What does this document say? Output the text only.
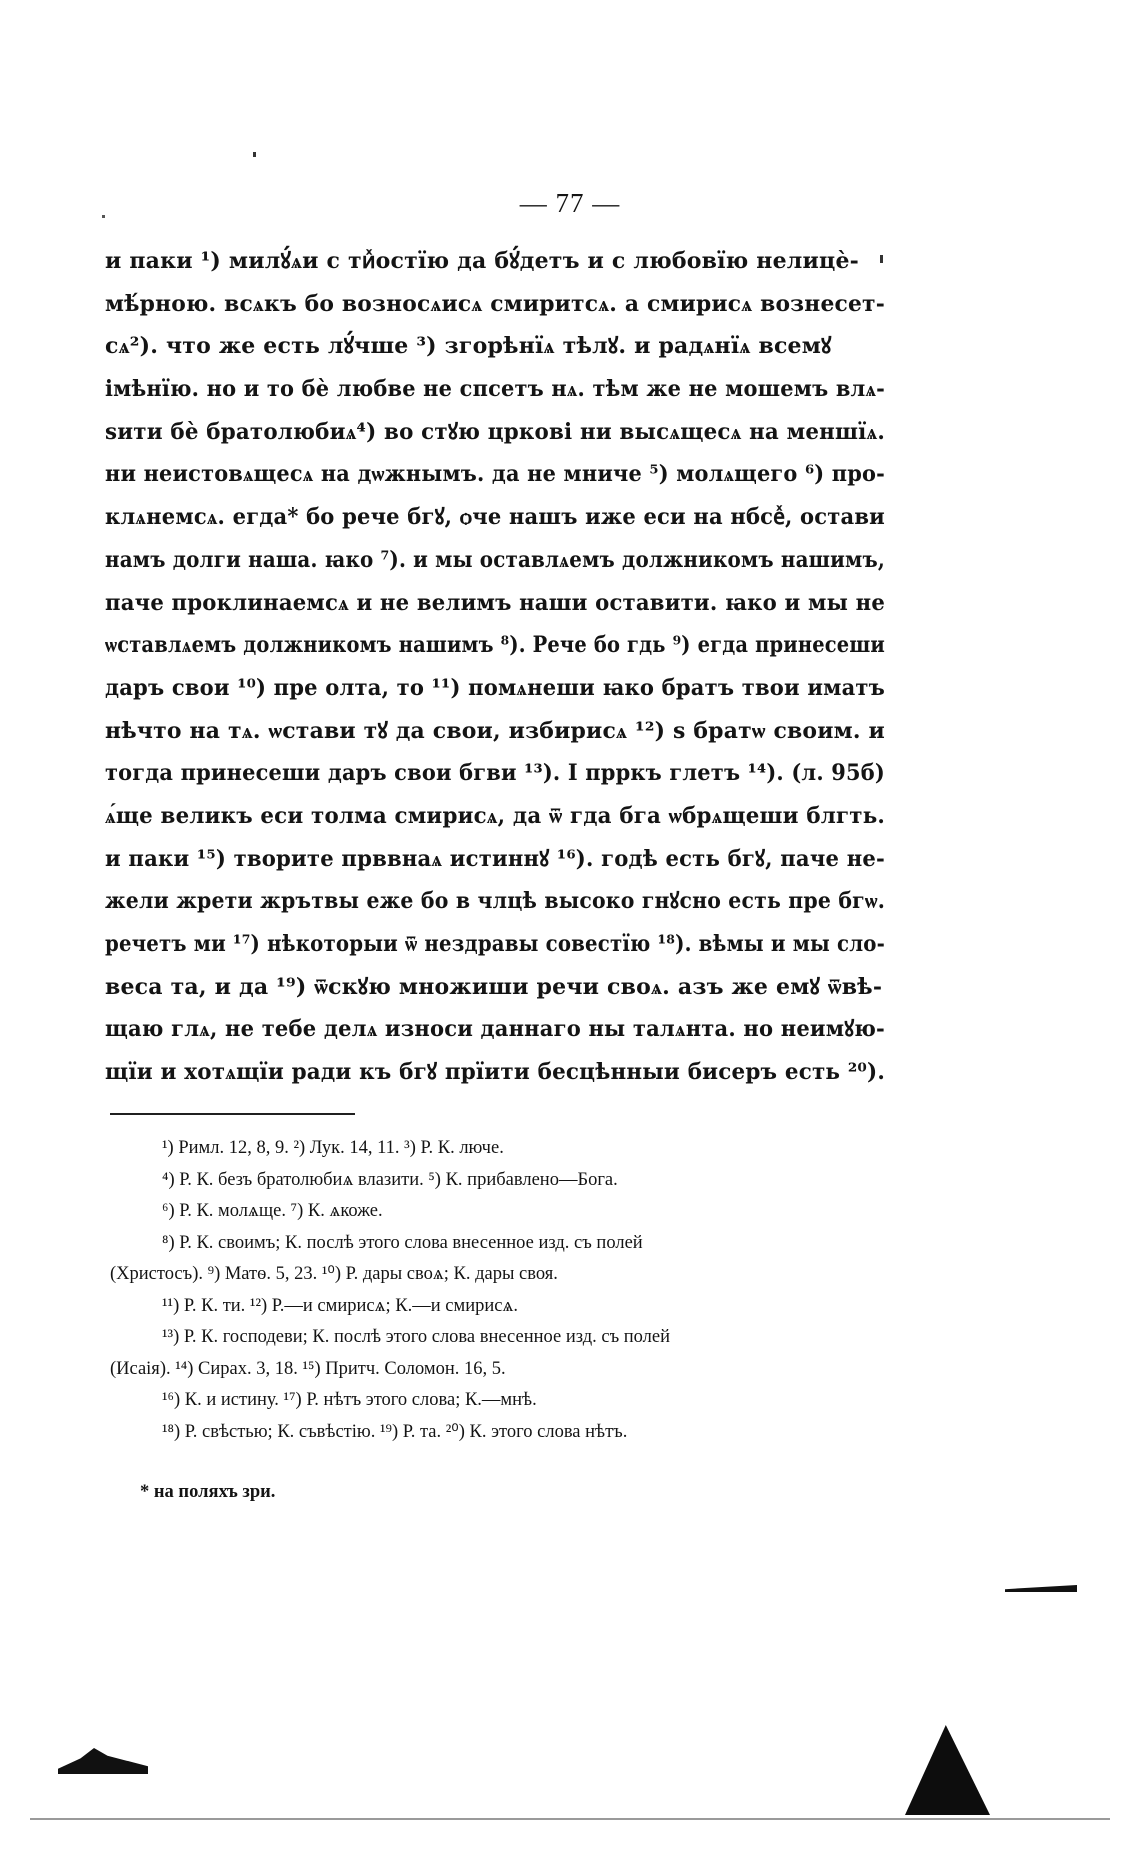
— 77 —
и паки ¹) милꙋ́ѧи с тиⷯостїю да бꙋ́детъ и с любовїю нелицѐ-
мѣ́рною. всѧкъ бо возносѧисѧ смиритсѧ. а смирисѧ вознесет-
сѧ²). что же есть лꙋ́чше ³) згорѣнїѧ тѣлꙋ. и радѧнїѧ всемꙋ
імѣнїю. но и то бѐ любве не спсетъ нѧ. тѣм же не мошемъ влѧ-
ѕити бѐ братолюбиѧ⁴) во стꙋю цркові ни высѧщесѧ на меншїѧ.
ни неистовѧщесѧ на дѡжнымъ. да не мниче ⁵) молѧщего ⁶) про-
клѧнемсѧ. егда* бо рече бгꙋ, ѻче нашъ иже еси на нбсеⷯ, остави
намъ долги наша. ꙗко ⁷). и мы оставлѧемъ должникомъ нашимъ,
паче проклинаемсѧ и не велимъ наши оставити. ꙗко и мы не
ѡставлѧемъ должникомъ нашимъ ⁸). Рече бо гдь ⁹) егда принесеши
даръ свои ¹⁰) пре олта, то ¹¹) помѧнеши ꙗко братъ твои иматъ
нѣчто на тѧ. ѡстави тꙋ да свои, избирисѧ ¹²) ѕ братѡ своим. и
тогда принесеши даръ свои бгви ¹³). І прркъ глетъ ¹⁴). (л. 95б)
ѧ́ще великъ еси толма смирисѧ, да ѿ гда бга ѡбрѧщеши блгть.
и паки ¹⁵) творите прввнаѧ истиннꙋ ¹⁶). годѣ есть бгꙋ, паче не-
жели жрети жрътвы еже бо в члцѣ высоко гнꙋсно есть пре бгѡ.
речетъ ми ¹⁷) нѣкоторыи ѿ нездравы совестїю ¹⁸). вѣмы и мы сло-
веса та, и да ¹⁹) ѿскꙋю множиши речи своѧ. азъ же емꙋ ѿвѣ-
щаю глѧ, не тебе делѧ износи даннаго ны талѧнта. но неимꙋю-
щїи и хотѧщїи ради къ бгꙋ прїити бесцѣнныи бисеръ есть ²⁰).
¹) Римл. 12, 8, 9. ²) Лук. 14, 11. ³) Р. К. люче.
⁴) Р. К. безъ братолюбиѧ влазити. ⁵) К. прибавлено—Бога.
⁶) Р. К. молѧще. ⁷) К. ѧкоже.
⁸) Р. К. своимъ; К. послѣ этого слова внесенное изд. съ полей
(Христосъ). ⁹) Матѳ. 5, 23. ¹⁰) Р. дары своѧ; К. дары своя.
¹¹) Р. К. ти. ¹²) Р.—и смирисѧ; К.—и смирисѧ.
¹³) Р. К. господеви; К. послѣ этого слова внесенное изд. съ полей
(Исаія). ¹⁴) Сирах. 3, 18. ¹⁵) Притч. Соломон. 16, 5.
¹⁶) К. и истину. ¹⁷) Р. нѣтъ этого слова; К.—мнѣ.
¹⁸) Р. свѣстью; К. съвѣстію. ¹⁹) Р. та. ²⁰) К. этого слова нѣтъ.
* на поляхъ зри.
